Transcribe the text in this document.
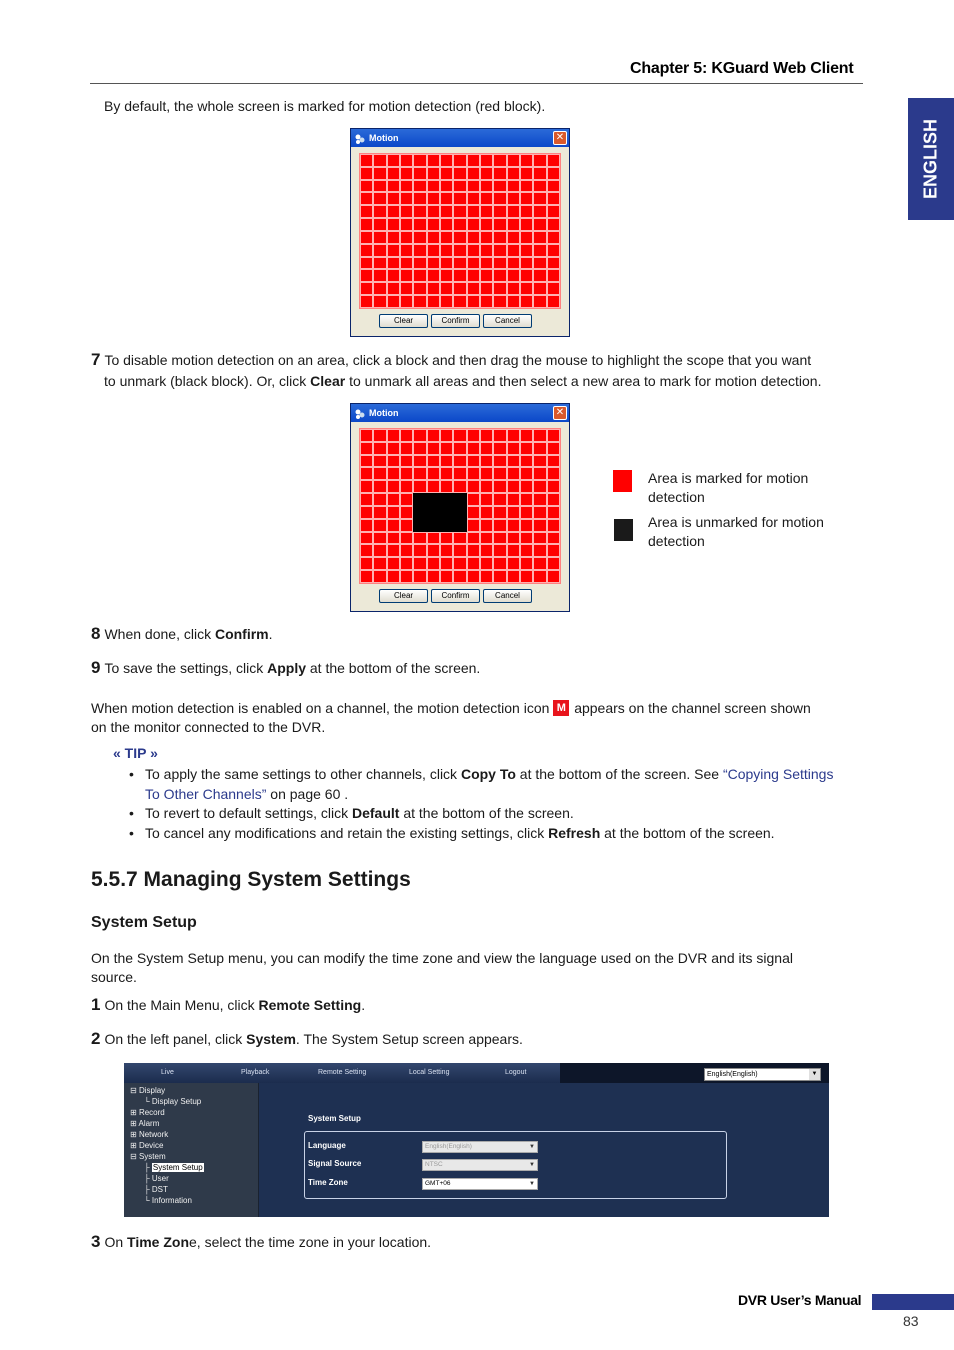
Chapter 5: KGuard Web Client
ENGLISH
By default, the whole screen is marked for motion detection (red block).
Motion	✕
Clear	Confirm	Cancel
7 To disable motion detection on an area, click a block and then drag the mouse to highlight the scope that you want
to unmark (black block). Or, click Clear to unmark all areas and then select a new area to mark for motion detection.
Motion	✕
Clear	Confirm	Cancel
Area is marked for motion
detection
Area is unmarked for motion
detection
8 When done, click Confirm.
9 To save the settings, click Apply at the bottom of the screen.
When motion detection is enabled on a channel, the motion detection icon M appears on the channel screen shown
on the monitor connected to the DVR.
« TIP »
• To apply the same settings to other channels, click Copy To at the bottom of the screen. See “Copying Settings
To Other Channels” on page 60 .
• To revert to default settings, click Default at the bottom of the screen.
• To cancel any modifications and retain the existing settings, click Refresh at the bottom of the screen.
5.5.7 Managing System Settings
System Setup
On the System Setup menu, you can modify the time zone and view the language used on the DVR and its signal
source.
1 On the Main Menu, click Remote Setting.
2 On the left panel, click System. The System Setup screen appears.
Live	Playback	Remote Setting	Local Setting	Logout	English(English)	▼
⊟ Display
└ Display Setup
⊞ Record
⊞ Alarm
⊞ Network
⊞ Device
⊟ System
├ System Setup
├ User
├ DST
└ Information
System Setup
Language	English(English)	▼
Signal Source	NTSC	▼
Time Zone	GMT+06	▼
3 On Time Zone, select the time zone in your location.
DVR User’s Manual
83
